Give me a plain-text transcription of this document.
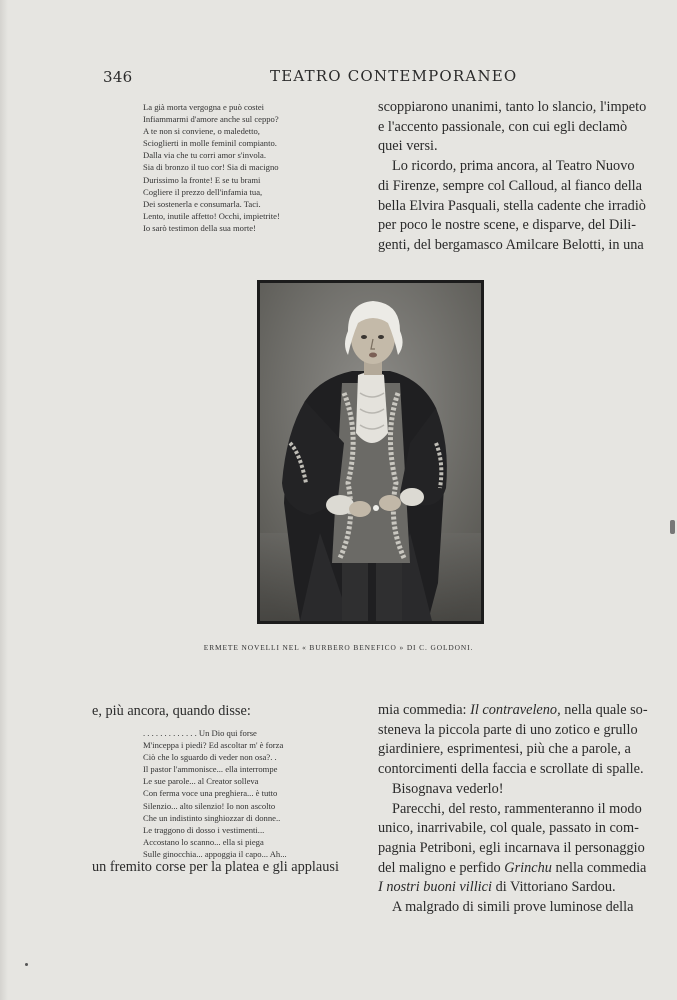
346	TEATRO CONTEMPORANEO
La già morta vergogna e può costei
Infiammarmi d'amore anche sul ceppo?
A te non si conviene, o maledetto,
Scioglierti in molle feminil compianto.
Dalla via che tu corri amor s'invola.
Sia di bronzo il tuo cor! Sia di macigno
Durissimo la fronte! E se tu brami
Cogliere il prezzo dell'infamia tua,
Dei sostenerla e consumarla. Taci.
Lento, inutile affetto! Occhi, impietrite!
Io sarò testimon della sua morte!
scoppiarono unanimi, tanto lo slancio, l'impeto
e l'accento passionale, con cui egli declamò
quei versi.
Lo ricordo, prima ancora, al Teatro Nuovo
di Firenze, sempre col Calloud, al fianco della
bella Elvira Pasquali, stella cadente che irradiò
per poco le nostre scene, e disparve, del Dili-
genti, del bergamasco Amilcare Belotti, in una
ERMETE NOVELLI NEL « BURBERO BENEFICO » DI C. GOLDONI.
e, più ancora, quando disse:
. . . . . . . . . . . . . Un Dio qui forse
M'inceppa i piedi? Ed ascoltar m' è forza
Ciò che lo sguardo di veder non osa?. .
Il pastor l'ammonisce... ella interrompe
Le sue parole... al Creator solleva
Con ferma voce una preghiera... è tutto
Silenzio... alto silenzio! Io non ascolto
Che un indistinto singhiozzar di donne..
Le traggono di dosso i vestimenti...
Accostano lo scanno... ella si piega
Sulle ginocchia... appoggia il capo... Ah...
un fremito corse per la platea e gli applausi
mia commedia: Il contraveleno, nella quale so-
steneva la piccola parte di uno zotico e grullo
giardiniere, esprimentesi, più che a parole, a
contorcimenti della faccia e scrollate di spalle.
Bisognava vederlo!
Parecchi, del resto, rammenteranno il modo
unico, inarrivabile, col quale, passato in com-
pagnia Petriboni, egli incarnava il personaggio
del maligno e perfido Grinchu nella commedia
I nostri buoni villici di Vittoriano Sardou.
A malgrado di simili prove luminose della
